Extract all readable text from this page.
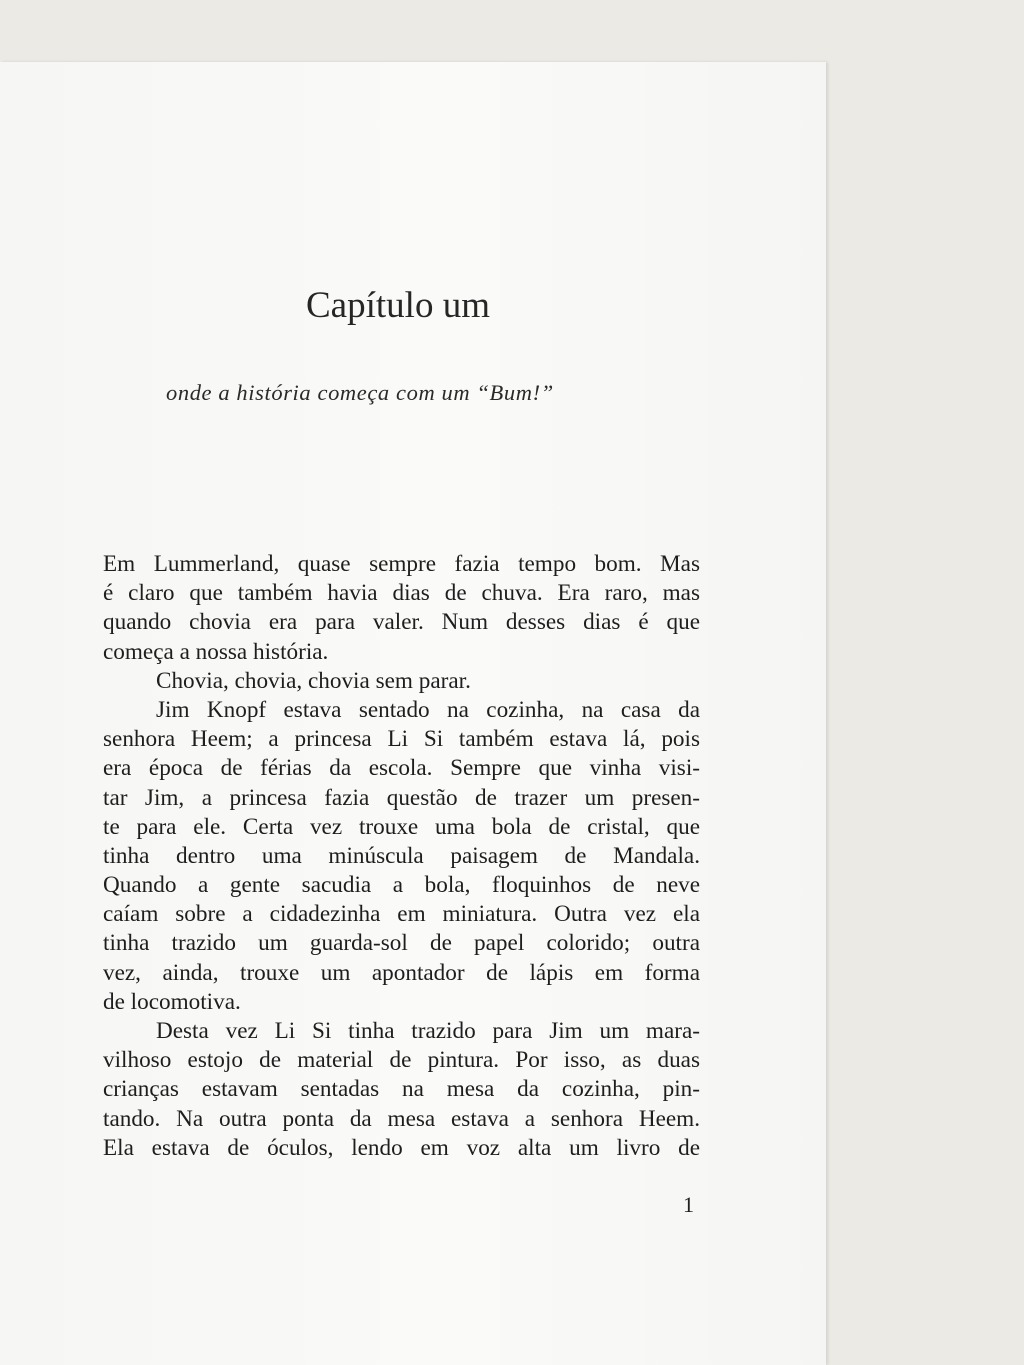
Capítulo um

onde a história começa com um “Bum!”

Em Lummerland, quase sempre fazia tempo bom. Mas
é claro que também havia dias de chuva. Era raro, mas
quando chovia era para valer. Num desses dias é que
começa a nossa história.
Chovia, chovia, chovia sem parar.
Jim Knopf estava sentado na cozinha, na casa da
senhora Heem; a princesa Li Si também estava lá, pois
era época de férias da escola. Sempre que vinha visi-
tar Jim, a princesa fazia questão de trazer um presen-
te para ele. Certa vez trouxe uma bola de cristal, que
tinha dentro uma minúscula paisagem de Mandala.
Quando a gente sacudia a bola, floquinhos de neve
caíam sobre a cidadezinha em miniatura. Outra vez ela
tinha trazido um guarda-sol de papel colorido; outra
vez, ainda, trouxe um apontador de lápis em forma
de locomotiva.
Desta vez Li Si tinha trazido para Jim um mara-
vilhoso estojo de material de pintura. Por isso, as duas
crianças estavam sentadas na mesa da cozinha, pin-
tando. Na outra ponta da mesa estava a senhora Heem.
Ela estava de óculos, lendo em voz alta um livro de
1
